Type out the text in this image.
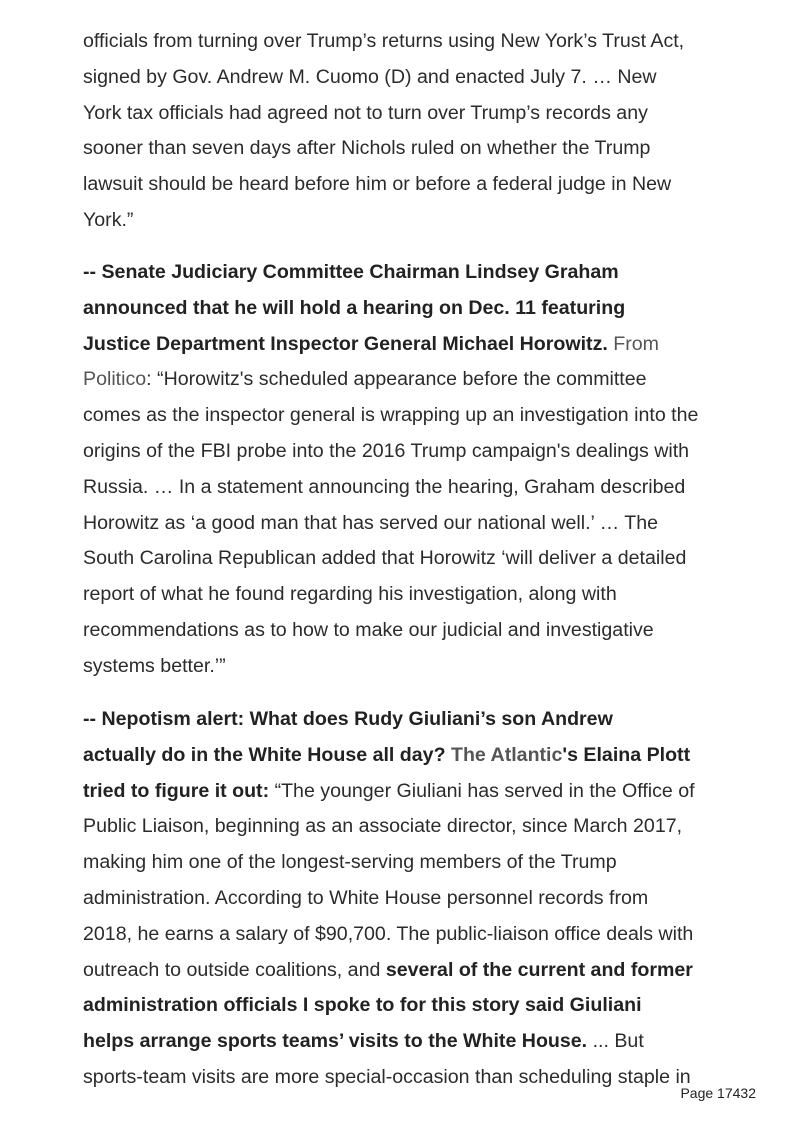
officials from turning over Trump’s returns using New York’s Trust Act,
signed by Gov. Andrew M. Cuomo (D) and enacted July 7. … New
York tax officials had agreed not to turn over Trump’s records any
sooner than seven days after Nichols ruled on whether the Trump
lawsuit should be heard before him or before a federal judge in New
York.”
-- Senate Judiciary Committee Chairman Lindsey Graham
announced that he will hold a hearing on Dec. 11 featuring
Justice Department Inspector General Michael Horowitz. From
Politico: “Horowitz's scheduled appearance before the committee
comes as the inspector general is wrapping up an investigation into the
origins of the FBI probe into the 2016 Trump campaign's dealings with
Russia. … In a statement announcing the hearing, Graham described
Horowitz as ‘a good man that has served our national well.’ … The
South Carolina Republican added that Horowitz ‘will deliver a detailed
report of what he found regarding his investigation, along with
recommendations as to how to make our judicial and investigative
systems better.’”
-- Nepotism alert: What does Rudy Giuliani’s son Andrew
actually do in the White House all day? The Atlantic's Elaina Plott
tried to figure it out: “The younger Giuliani has served in the Office of
Public Liaison, beginning as an associate director, since March 2017,
making him one of the longest-serving members of the Trump
administration. According to White House personnel records from
2018, he earns a salary of $90,700. The public-liaison office deals with
outreach to outside coalitions, and several of the current and former
administration officials I spoke to for this story said Giuliani
helps arrange sports teams’ visits to the White House. ... But
sports-team visits are more special-occasion than scheduling staple in
Page 17432
